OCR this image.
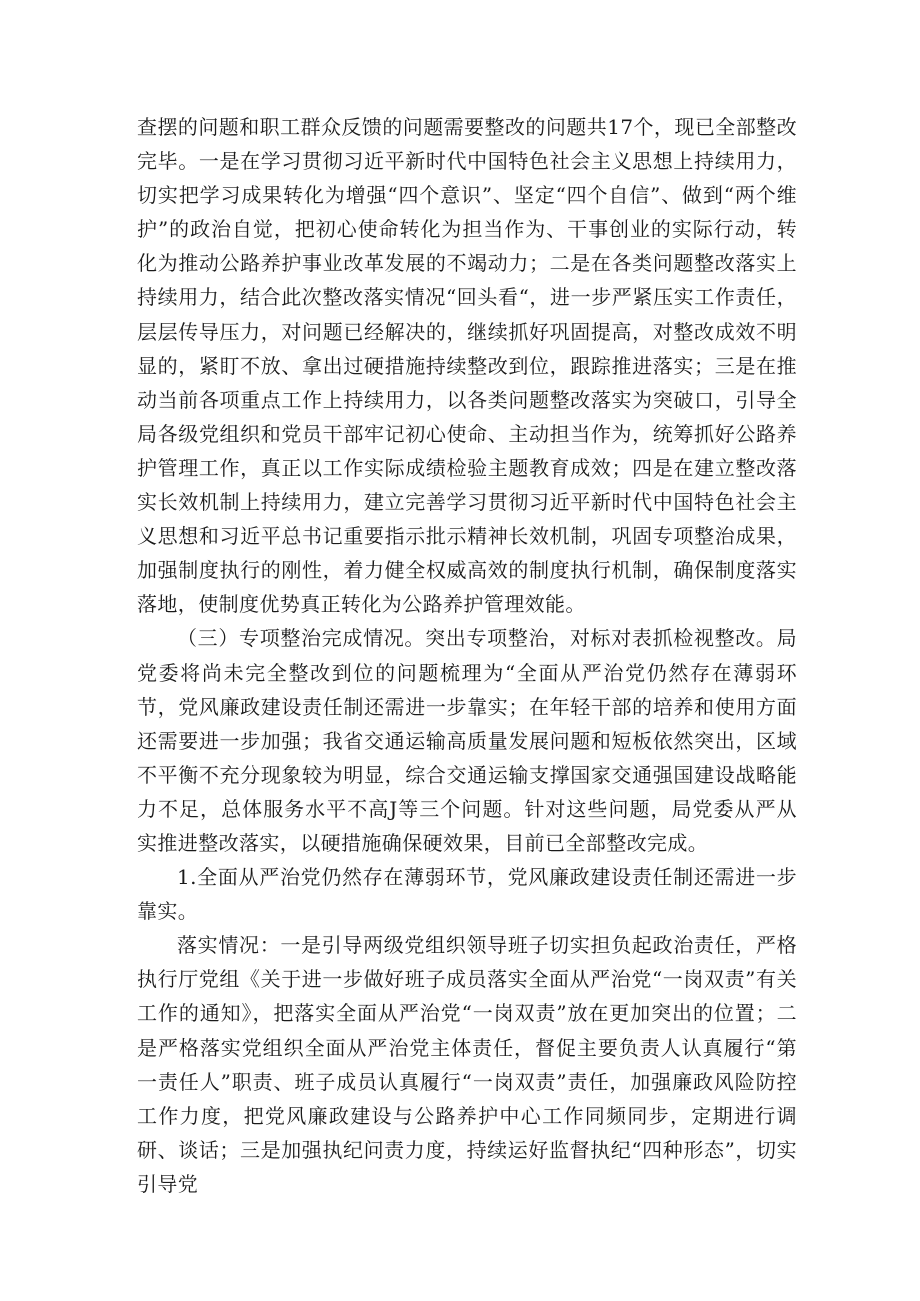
查摆的问题和职工群众反馈的问题需要整改的问题共17个，现已全部整改完毕。一是在学习贯彻习近平新时代中国特色社会主义思想上持续用力，切实把学习成果转化为增强“四个意识”、坚定“四个自信”、做到“两个维护”的政治自觉，把初心使命转化为担当作为、干事创业的实际行动，转化为推动公路养护事业改革发展的不竭动力；二是在各类问题整改落实上持续用力，结合此次整改落实情况“回头看“，进一步严紧压实工作责任，层层传导压力，对问题已经解决的，继续抓好巩固提高，对整改成效不明显的，紧盯不放、拿出过硬措施持续整改到位，跟踪推进落实；三是在推动当前各项重点工作上持续用力，以各类问题整改落实为突破口，引导全局各级党组织和党员干部牢记初心使命、主动担当作为，统筹抓好公路养护管理工作，真正以工作实际成绩检验主题教育成效；四是在建立整改落实长效机制上持续用力，建立完善学习贯彻习近平新时代中国特色社会主义思想和习近平总书记重要指示批示精神长效机制，巩固专项整治成果，加强制度执行的刚性，着力健全权威高效的制度执行机制，确保制度落实落地，使制度优势真正转化为公路养护管理效能。

（三）专项整治完成情况。突出专项整治，对标对表抓检视整改。局党委将尚未完全整改到位的问题梳理为“全面从严治党仍然存在薄弱环节，党风廉政建设责任制还需进一步靠实；在年轻干部的培养和使用方面还需要进一步加强；我省交通运输高质量发展问题和短板依然突出，区域不平衡不充分现象较为明显，综合交通运输支撑国家交通强国建设战略能力不足，总体服务水平不高J等三个问题。针对这些问题，局党委从严从实推进整改落实，以硬措施确保硬效果，目前已全部整改完成。

1.全面从严治党仍然存在薄弱环节，党风廉政建设责任制还需进一步靠实。

落实情况：一是引导两级党组织领导班子切实担负起政治责任，严格执行厅党组《关于进一步做好班子成员落实全面从严治党“一岗双责”有关工作的通知》，把落实全面从严治党“一岗双责”放在更加突出的位置；二是严格落实党组织全面从严治党主体责任，督促主要负责人认真履行“第一责任人”职责、班子成员认真履行“一岗双责”责任，加强廉政风险防控工作力度，把党风廉政建设与公路养护中心工作同频同步，定期进行调研、谈话；三是加强执纪问责力度，持续运好监督执纪“四种形态”，切实引导党
